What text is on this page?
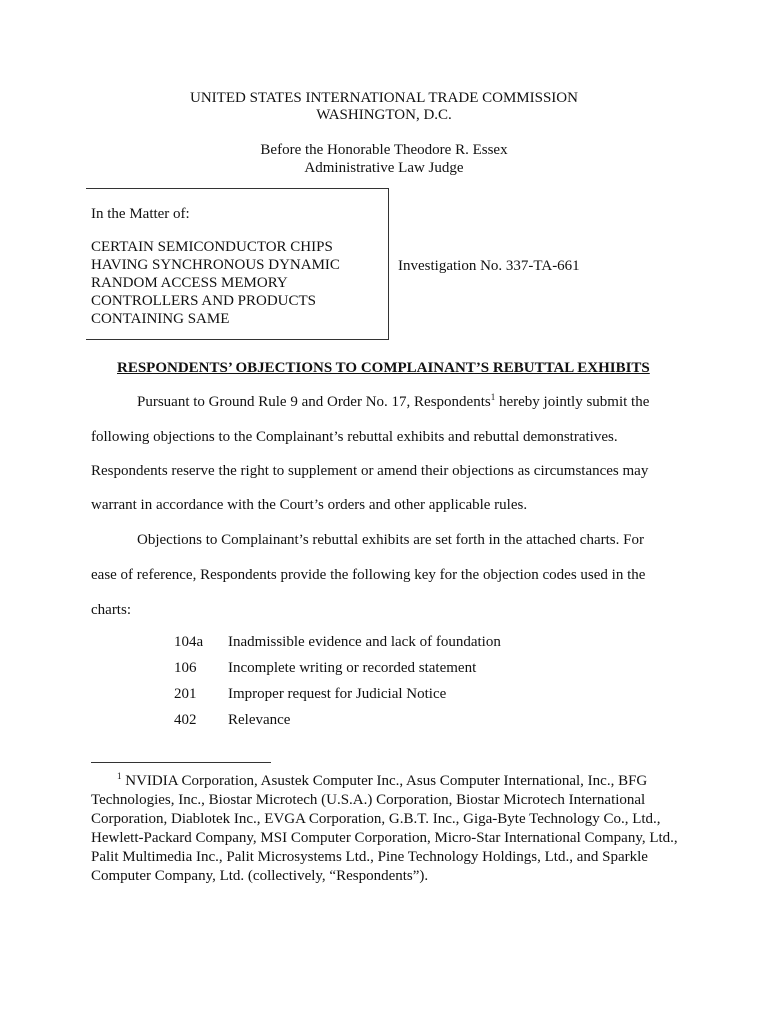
UNITED STATES INTERNATIONAL TRADE COMMISSION
WASHINGTON, D.C.
Before the Honorable Theodore R. Essex
Administrative Law Judge
In the Matter of:
CERTAIN SEMICONDUCTOR CHIPS
HAVING SYNCHRONOUS DYNAMIC
RANDOM ACCESS MEMORY
CONTROLLERS AND PRODUCTS
CONTAINING SAME
Investigation No. 337-TA-661
RESPONDENTS’ OBJECTIONS TO COMPLAINANT’S REBUTTAL EXHIBITS
Pursuant to Ground Rule 9 and Order No. 17, Respondents$^1$ hereby jointly submit the
following objections to the Complainant’s rebuttal exhibits and rebuttal demonstratives.
Respondents reserve the right to supplement or amend their objections as circumstances may
warrant in accordance with the Court’s orders and other applicable rules.
Objections to Complainant’s rebuttal exhibits are set forth in the attached charts. For
ease of reference, Respondents provide the following key for the objection codes used in the
charts:
104a Inadmissible evidence and lack of foundation
106 Incomplete writing or recorded statement
201 Improper request for Judicial Notice
402 Relevance
$^1$ NVIDIA Corporation, Asustek Computer Inc., Asus Computer International, Inc., BFG Technologies, Inc., Biostar Microtech (U.S.A.) Corporation, Biostar Microtech International Corporation, Diablotek Inc., EVGA Corporation, G.B.T. Inc., Giga-Byte Technology Co., Ltd., Hewlett-Packard Company, MSI Computer Corporation, Micro-Star International Company, Ltd., Palit Multimedia Inc., Palit Microsystems Ltd., Pine Technology Holdings, Ltd., and Sparkle Computer Company, Ltd. (collectively, “Respondents”).
